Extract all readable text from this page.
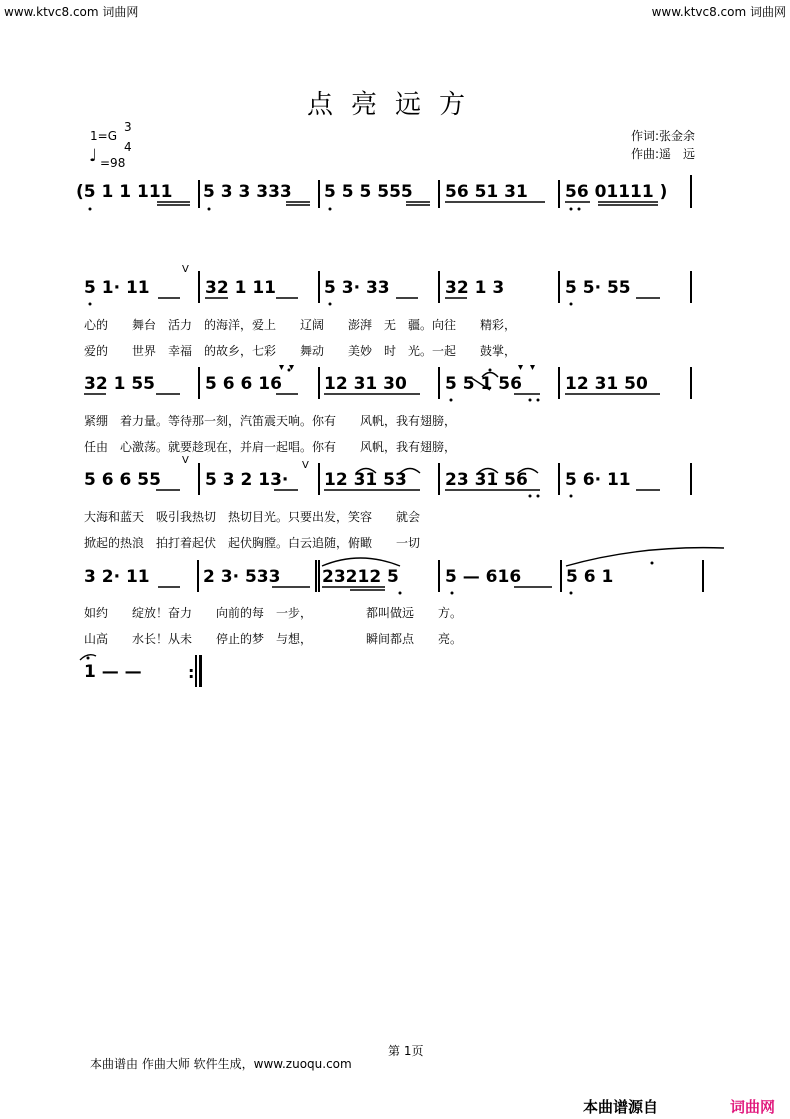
www.ktvc8.com 词曲网	www.ktvc8.com 词曲网
点亮远方
1=G
3
4
♩ =98
作词:张金余
作曲:遥　远
(5 1 1 111 5 3 3 333 5 5 5 555 56 51 31 56 01111 )
5 1· 11	32 1 11	5 3· 33	32 1 3	5 5· 55
心的　　舞台　活力　的海洋，爱上　　辽阔　　澎湃　无　疆。向往　　精彩，
爱的　　世界　幸福　的故乡，七彩　　舞动　　美妙　时　光。一起　　鼓掌，
32 1 55	5 6 6 16 12 31 30 5 5 1 56	12 31 50
紧绷　着力量。等待那一刻，汽笛震天响。你有　　风帆，我有翅膀，
任由　心激荡。就要趁现在，并肩一起唱。你有　　风帆，我有翅膀，
5 6 6 55	5 3 2 13· 12 31 53 23 31 56 5 6· 11
大海和蓝天　吸引我热切　热切目光。只要出发，笑容　　就会
掀起的热浪　拍打着起伏　起伏胸膛。白云追随，俯瞰　　一切
3 2· 11	2 3· 533 23212 5	5 — 616	5 6 1
如约　　绽放！奋力　　向前的每　一步，　　　　　都叫做远　　方。
山高　　水长！从未　　停止的梦　与想，　　　　　瞬间都点　　亮。
1 — —	:
V
V	V
第 1页
本曲谱由 作曲大师 软件生成，www.zuoqu.com
本曲谱源自	词曲网
